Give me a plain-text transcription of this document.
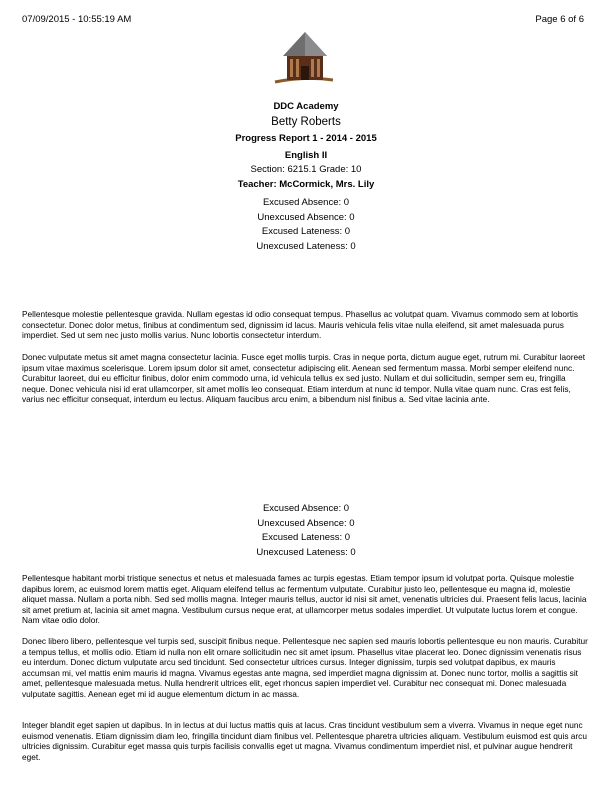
07/09/2015 - 10:55:19 AM	Page 6 of 6
DDC Academy
Betty Roberts
Progress Report 1 - 2014 - 2015
English II
Section: 6215.1 Grade: 10
Teacher: McCormick, Mrs. Lily
Excused Absence: 0
Unexcused Absence: 0
Excused Lateness: 0
Unexcused Lateness: 0
Pellentesque molestie pellentesque gravida. Nullam egestas id odio consequat tempus. Phasellus ac volutpat quam. Vivamus commodo sem at lobortis consectetur. Donec dolor metus, finibus at condimentum sed, dignissim id lacus. Mauris vehicula felis vitae nulla eleifend, sit amet malesuada purus imperdiet. Sed ut sem nec justo mollis varius. Nunc lobortis consectetur interdum.
Donec vulputate metus sit amet magna consectetur lacinia. Fusce eget mollis turpis. Cras in neque porta, dictum augue eget, rutrum mi. Curabitur laoreet ipsum vitae maximus scelerisque. Lorem ipsum dolor sit amet, consectetur adipiscing elit. Aenean sed fermentum massa. Morbi semper eleifend nunc. Curabitur laoreet, dui eu efficitur finibus, dolor enim commodo urna, id vehicula tellus ex sed justo. Nullam et dui sollicitudin, semper sem eu, fringilla neque. Donec vehicula nisi id erat ullamcorper, sit amet mollis leo consequat. Etiam interdum at nunc id tempor. Nulla vitae quam nunc. Cras est felis, varius nec efficitur consequat, interdum eu lectus. Aliquam faucibus arcu enim, a bibendum nisl finibus a. Sed vitae lacinia ante.
Excused Absence: 0
Unexcused Absence: 0
Excused Lateness: 0
Unexcused Lateness: 0
Pellentesque habitant morbi tristique senectus et netus et malesuada fames ac turpis egestas. Etiam tempor ipsum id volutpat porta. Quisque molestie dapibus lorem, ac euismod lorem mattis eget. Aliquam eleifend tellus ac fermentum vulputate. Curabitur justo leo, pellentesque eu magna id, molestie aliquet massa. Nullam a porta nibh. Sed sed mollis magna. Integer mauris tellus, auctor id nisi sit amet, venenatis ultricies dui. Praesent felis lacus, lacinia sit amet pretium at, lacinia sit amet magna. Vestibulum cursus neque erat, at ullamcorper metus sodales imperdiet. Ut vulputate luctus lorem et congue. Nam vitae odio dolor.
Donec libero libero, pellentesque vel turpis sed, suscipit finibus neque. Pellentesque nec sapien sed mauris lobortis pellentesque eu non mauris. Curabitur a tempus tellus, et mollis odio. Etiam id nulla non elit ornare sollicitudin nec sit amet ipsum. Phasellus vitae placerat leo. Donec dignissim venenatis risus eu interdum. Donec dictum vulputate arcu sed tincidunt. Sed consectetur ultrices cursus. Integer dignissim, turpis sed volutpat dapibus, ex mauris accumsan mi, vel mattis enim mauris id magna. Vivamus egestas ante magna, sed imperdiet magna dignissim at. Donec nunc tortor, mollis a sagittis sit amet, pellentesque malesuada metus. Nulla hendrerit ultrices elit, eget rhoncus sapien imperdiet vel. Curabitur nec consequat mi. Donec malesuada vulputate sagittis. Aenean eget mi id augue elementum dictum in ac massa.
Integer blandit eget sapien ut dapibus. In in lectus at dui luctus mattis quis at lacus. Cras tincidunt vestibulum sem a viverra. Vivamus in neque eget nunc euismod venenatis. Etiam dignissim diam leo, fringilla tincidunt diam finibus vel. Pellentesque pharetra ultricies aliquam. Vestibulum euismod est quis arcu ultricies dignissim. Curabitur eget massa quis turpis facilisis convallis eget ut magna. Vivamus condimentum imperdiet nisl, et pulvinar augue hendrerit eget.
